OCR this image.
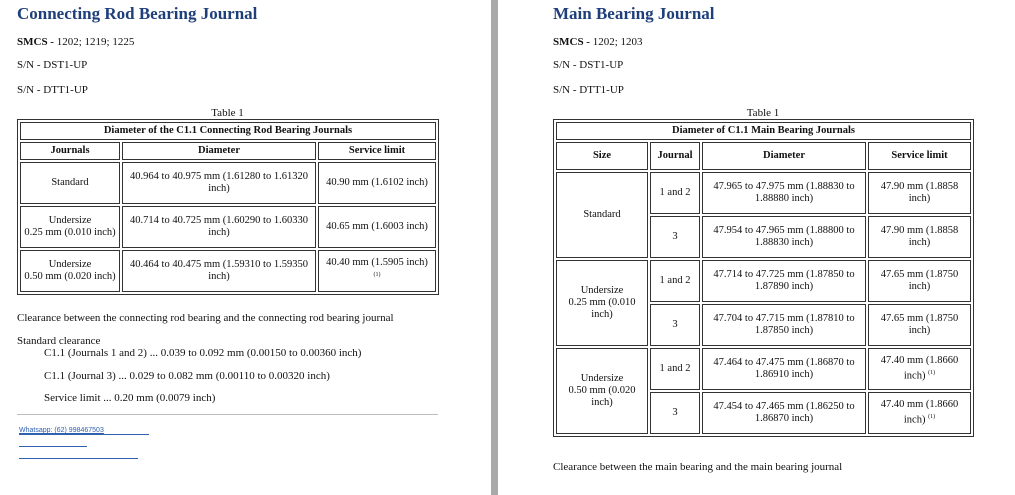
Connecting Rod Bearing Journal

SMCS - 1202; 1219; 1225

S/N - DST1-UP

S/N - DTT1-UP

Table 1
Diameter of the C1.1 Connecting Rod Bearing Journals		
Journals	Diameter	Service limit
Standard	40.964 to 40.975 mm (1.61280 to 1.61320 inch)	40.90 mm (1.6102 inch)
Undersize
0.25 mm (0.010 inch)	40.714 to 40.725 mm (1.60290 to 1.60330 inch)	40.65 mm (1.6003 inch)
Undersize
0.50 mm (0.020 inch)	40.464 to 40.475 mm (1.59310 to 1.59350 inch)	40.40 mm (1.5905 inch) $^{(1)}$

Clearance between the connecting rod bearing and the connecting rod bearing journal

Standard clearance

C1.1 (Journals 1 and 2) ... 0.039 to 0.092 mm (0.00150 to 0.00360 inch)

C1.1 (Journal 3) ... 0.029 to 0.082 mm (0.00110 to 0.00320 inch)

Service limit ... 0.20 mm (0.0079 inch)

Whatsapp: (62) 998467503
Main Bearing Journal

SMCS - 1202; 1203

S/N - DST1-UP

S/N - DTT1-UP

Table 1
Diameter of C1.1 Main Bearing Journals			
Size	Journal	Diameter	Service limit
Standard	1 and 2	47.965 to 47.975 mm (1.88830 to 1.88880 inch)	47.90 mm (1.8858 inch)
	3	47.954 to 47.965 mm (1.88800 to 1.88830 inch)	47.90 mm (1.8858 inch)
Undersize
0.25 mm (0.010 inch)	1 and 2	47.714 to 47.725 mm (1.87850 to 1.87890 inch)	47.65 mm (1.8750 inch)
	3	47.704 to 47.715 mm (1.87810 to 1.87850 inch)	47.65 mm (1.8750 inch)
Undersize
0.50 mm (0.020 inch)	1 and 2	47.464 to 47.475 mm (1.86870 to 1.86910 inch)	47.40 mm (1.8660 inch) $^{(1)}$
	3	47.454 to 47.465 mm (1.86250 to 1.86870 inch)	47.40 mm (1.8660 inch) $^{(1)}$

Clearance between the main bearing and the main bearing journal
